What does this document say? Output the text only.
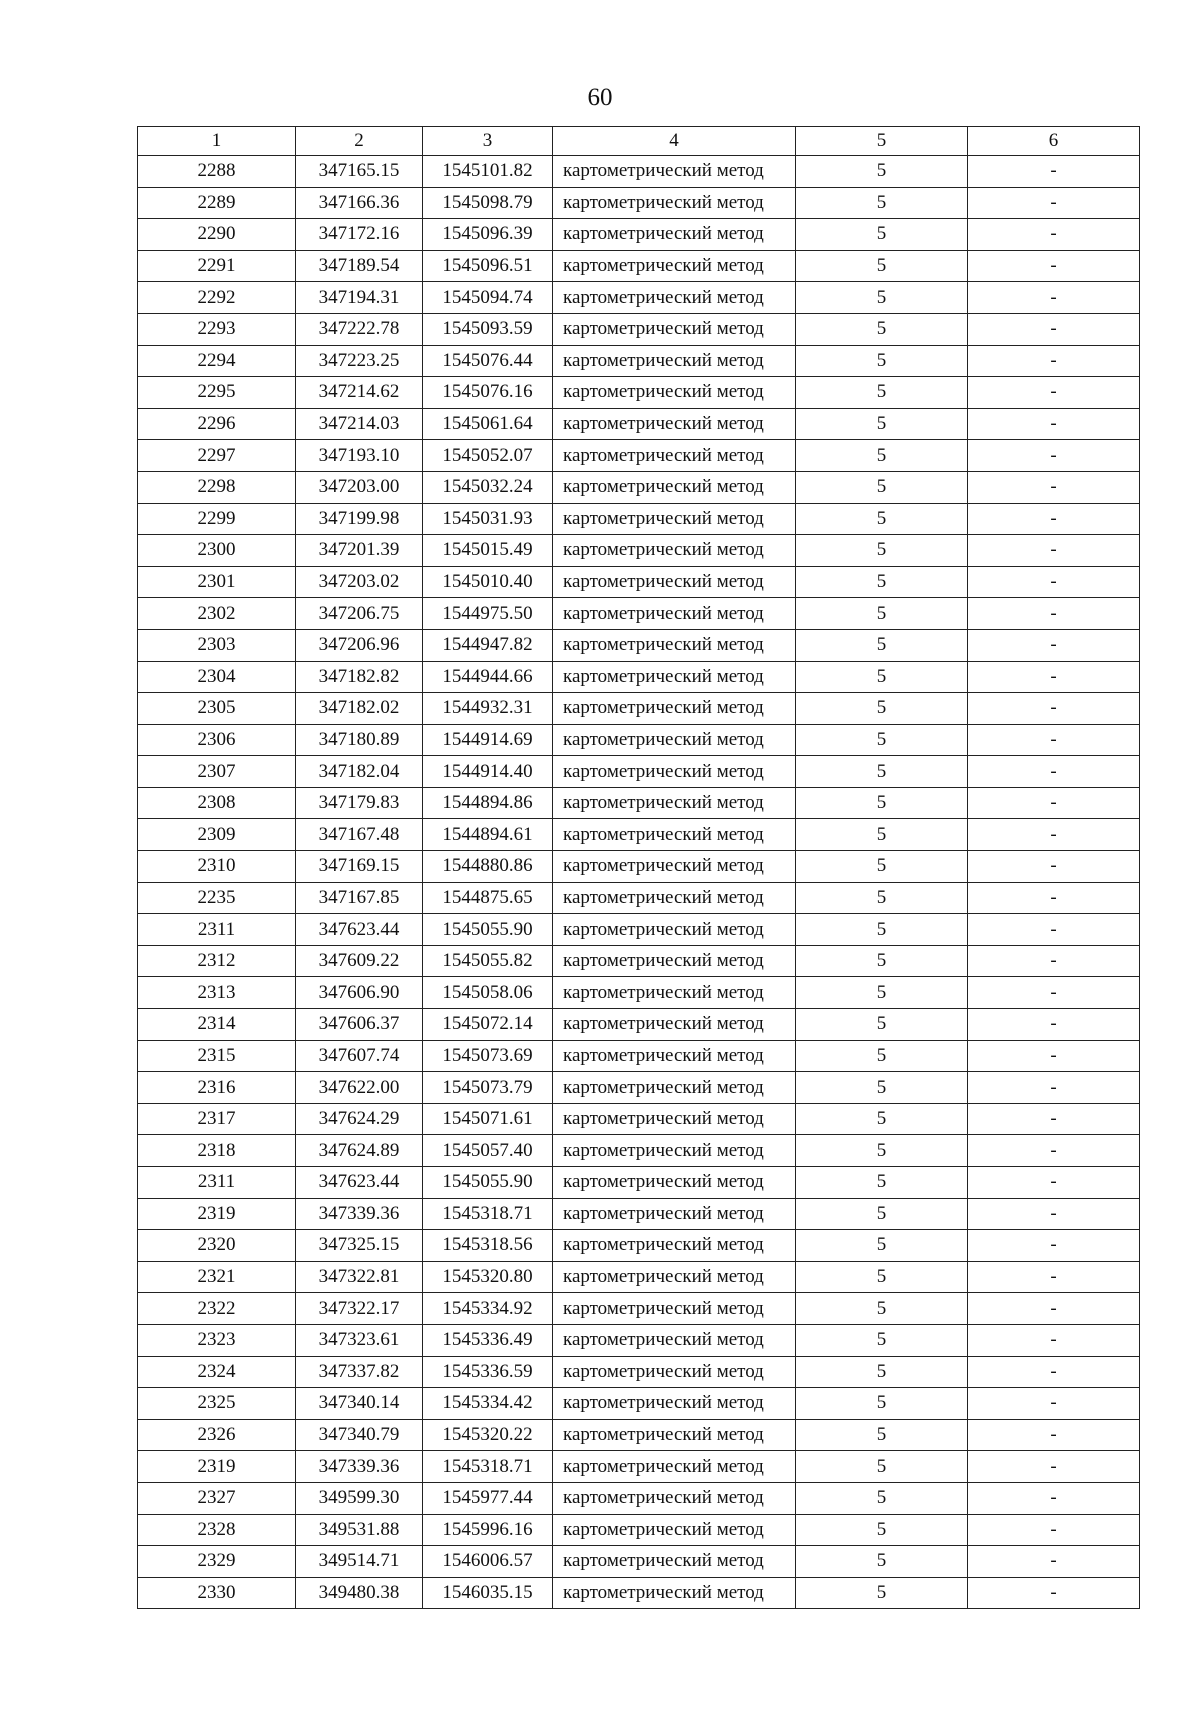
60
1	2	3	4	5	6
2288	347165.15	1545101.82	картометрический метод	5	-
2289	347166.36	1545098.79	картометрический метод	5	-
2290	347172.16	1545096.39	картометрический метод	5	-
2291	347189.54	1545096.51	картометрический метод	5	-
2292	347194.31	1545094.74	картометрический метод	5	-
2293	347222.78	1545093.59	картометрический метод	5	-
2294	347223.25	1545076.44	картометрический метод	5	-
2295	347214.62	1545076.16	картометрический метод	5	-
2296	347214.03	1545061.64	картометрический метод	5	-
2297	347193.10	1545052.07	картометрический метод	5	-
2298	347203.00	1545032.24	картометрический метод	5	-
2299	347199.98	1545031.93	картометрический метод	5	-
2300	347201.39	1545015.49	картометрический метод	5	-
2301	347203.02	1545010.40	картометрический метод	5	-
2302	347206.75	1544975.50	картометрический метод	5	-
2303	347206.96	1544947.82	картометрический метод	5	-
2304	347182.82	1544944.66	картометрический метод	5	-
2305	347182.02	1544932.31	картометрический метод	5	-
2306	347180.89	1544914.69	картометрический метод	5	-
2307	347182.04	1544914.40	картометрический метод	5	-
2308	347179.83	1544894.86	картометрический метод	5	-
2309	347167.48	1544894.61	картометрический метод	5	-
2310	347169.15	1544880.86	картометрический метод	5	-
2235	347167.85	1544875.65	картометрический метод	5	-
2311	347623.44	1545055.90	картометрический метод	5	-
2312	347609.22	1545055.82	картометрический метод	5	-
2313	347606.90	1545058.06	картометрический метод	5	-
2314	347606.37	1545072.14	картометрический метод	5	-
2315	347607.74	1545073.69	картометрический метод	5	-
2316	347622.00	1545073.79	картометрический метод	5	-
2317	347624.29	1545071.61	картометрический метод	5	-
2318	347624.89	1545057.40	картометрический метод	5	-
2311	347623.44	1545055.90	картометрический метод	5	-
2319	347339.36	1545318.71	картометрический метод	5	-
2320	347325.15	1545318.56	картометрический метод	5	-
2321	347322.81	1545320.80	картометрический метод	5	-
2322	347322.17	1545334.92	картометрический метод	5	-
2323	347323.61	1545336.49	картометрический метод	5	-
2324	347337.82	1545336.59	картометрический метод	5	-
2325	347340.14	1545334.42	картометрический метод	5	-
2326	347340.79	1545320.22	картометрический метод	5	-
2319	347339.36	1545318.71	картометрический метод	5	-
2327	349599.30	1545977.44	картометрический метод	5	-
2328	349531.88	1545996.16	картометрический метод	5	-
2329	349514.71	1546006.57	картометрический метод	5	-
2330	349480.38	1546035.15	картометрический метод	5	-
